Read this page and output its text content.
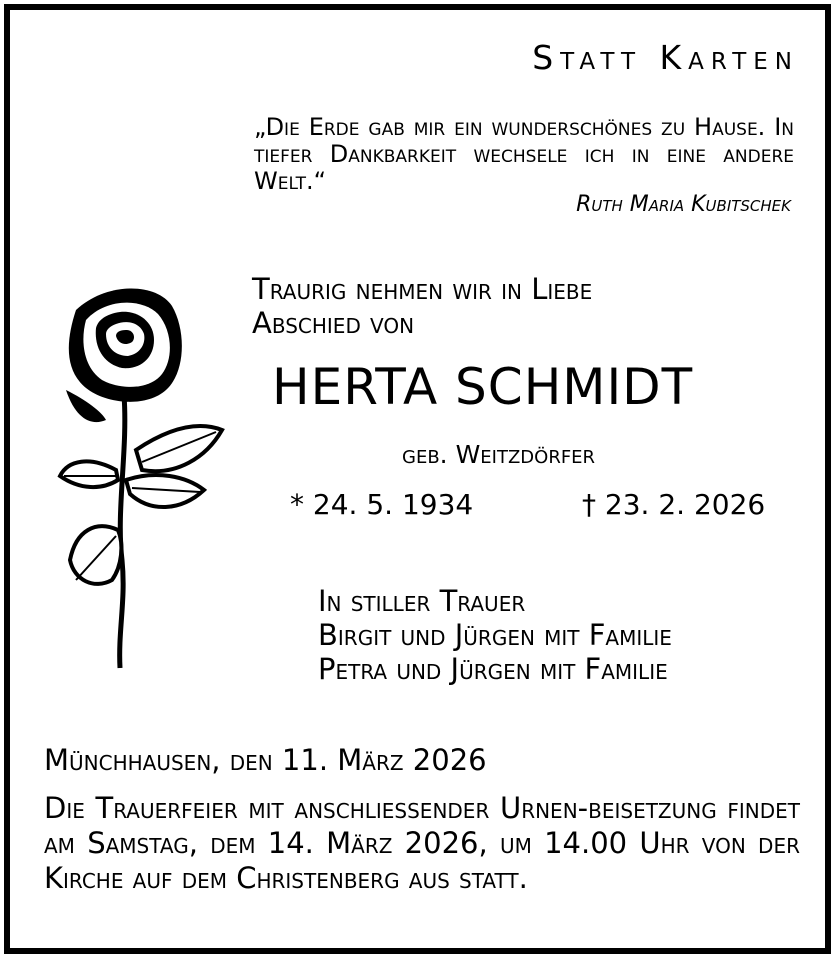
Statt Karten
„Die Erde gab mir ein wunderschönes zu Hause. In tiefer Dankbarkeit wechsele ich in eine andere Welt.“
Ruth Maria Kubitschek
Traurig nehmen wir in Liebe
Abschied von
HERTA SCHMIDT
geb. Weitzdörfer
* 24. 5. 1934	† 23. 2. 2026
In stiller Trauer
Birgit und Jürgen mit Familie
Petra und Jürgen mit Familie
Münchhausen, den 11. März 2026
Die Trauerfeier mit anschliessender Urnen-beisetzung findet am Samstag, dem 14. März 2026, um 14.00 Uhr von der Kirche auf dem Christenberg aus statt.
